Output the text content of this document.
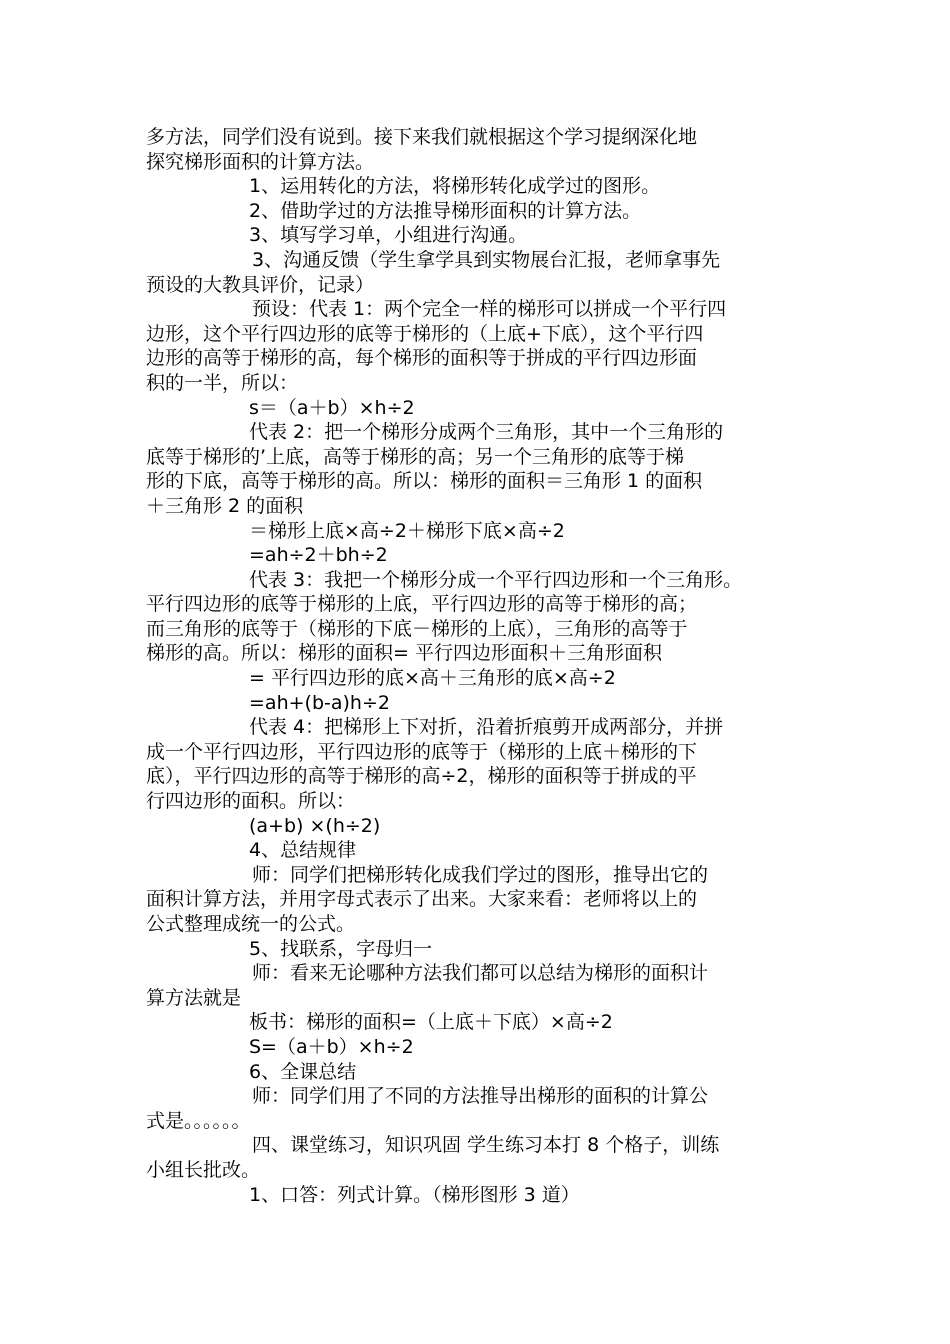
多方法，同学们没有说到。接下来我们就根据这个学习提纲深化地
探究梯形面积的计算方法。
1、运用转化的方法，将梯形转化成学过的图形。
2、借助学过的方法推导梯形面积的计算方法。
3、填写学习单，小组进行沟通。
3、沟通反馈（学生拿学具到实物展台汇报，老师拿事先
预设的大教具评价，记录）
预设：代表 1：两个完全一样的梯形可以拼成一个平行四
边形，这个平行四边形的底等于梯形的（上底+下底），这个平行四
边形的高等于梯形的高，每个梯形的面积等于拼成的平行四边形面
积的一半，所以：
s＝（a＋b）×h÷2
代表 2：把一个梯形分成两个三角形，其中一个三角形的
底等于梯形的’上底，高等于梯形的高；另一个三角形的底等于梯
形的下底，高等于梯形的高。所以：梯形的面积＝三角形 1 的面积
＋三角形 2 的面积
＝梯形上底×高÷2＋梯形下底×高÷2
=ah÷2＋bh÷2
代表 3：我把一个梯形分成一个平行四边形和一个三角形。
平行四边形的底等于梯形的上底，平行四边形的高等于梯形的高；
而三角形的底等于（梯形的下底－梯形的上底），三角形的高等于
梯形的高。所以：梯形的面积= 平行四边形面积＋三角形面积
= 平行四边形的底×高＋三角形的底×高÷2
=ah+(b-a)h÷2
代表 4：把梯形上下对折，沿着折痕剪开成两部分，并拼
成一个平行四边形，平行四边形的底等于（梯形的上底＋梯形的下
底），平行四边形的高等于梯形的高÷2，梯形的面积等于拼成的平
行四边形的面积。所以：
(a+b) ×(h÷2)
4、总结规律
师：同学们把梯形转化成我们学过的图形，推导出它的
面积计算方法，并用字母式表示了出来。大家来看：老师将以上的
公式整理成统一的公式。
5、找联系，字母归一
师：看来无论哪种方法我们都可以总结为梯形的面积计
算方法就是
板书：梯形的面积=（上底＋下底）×高÷2
S=（a＋b）×h÷2
6、全课总结
师：同学们用了不同的方法推导出梯形的面积的计算公
式是。。。。。。
四、课堂练习，知识巩固 学生练习本打 8 个格子，训练
小组长批改。
1、口答：列式计算。（梯形图形 3 道）
